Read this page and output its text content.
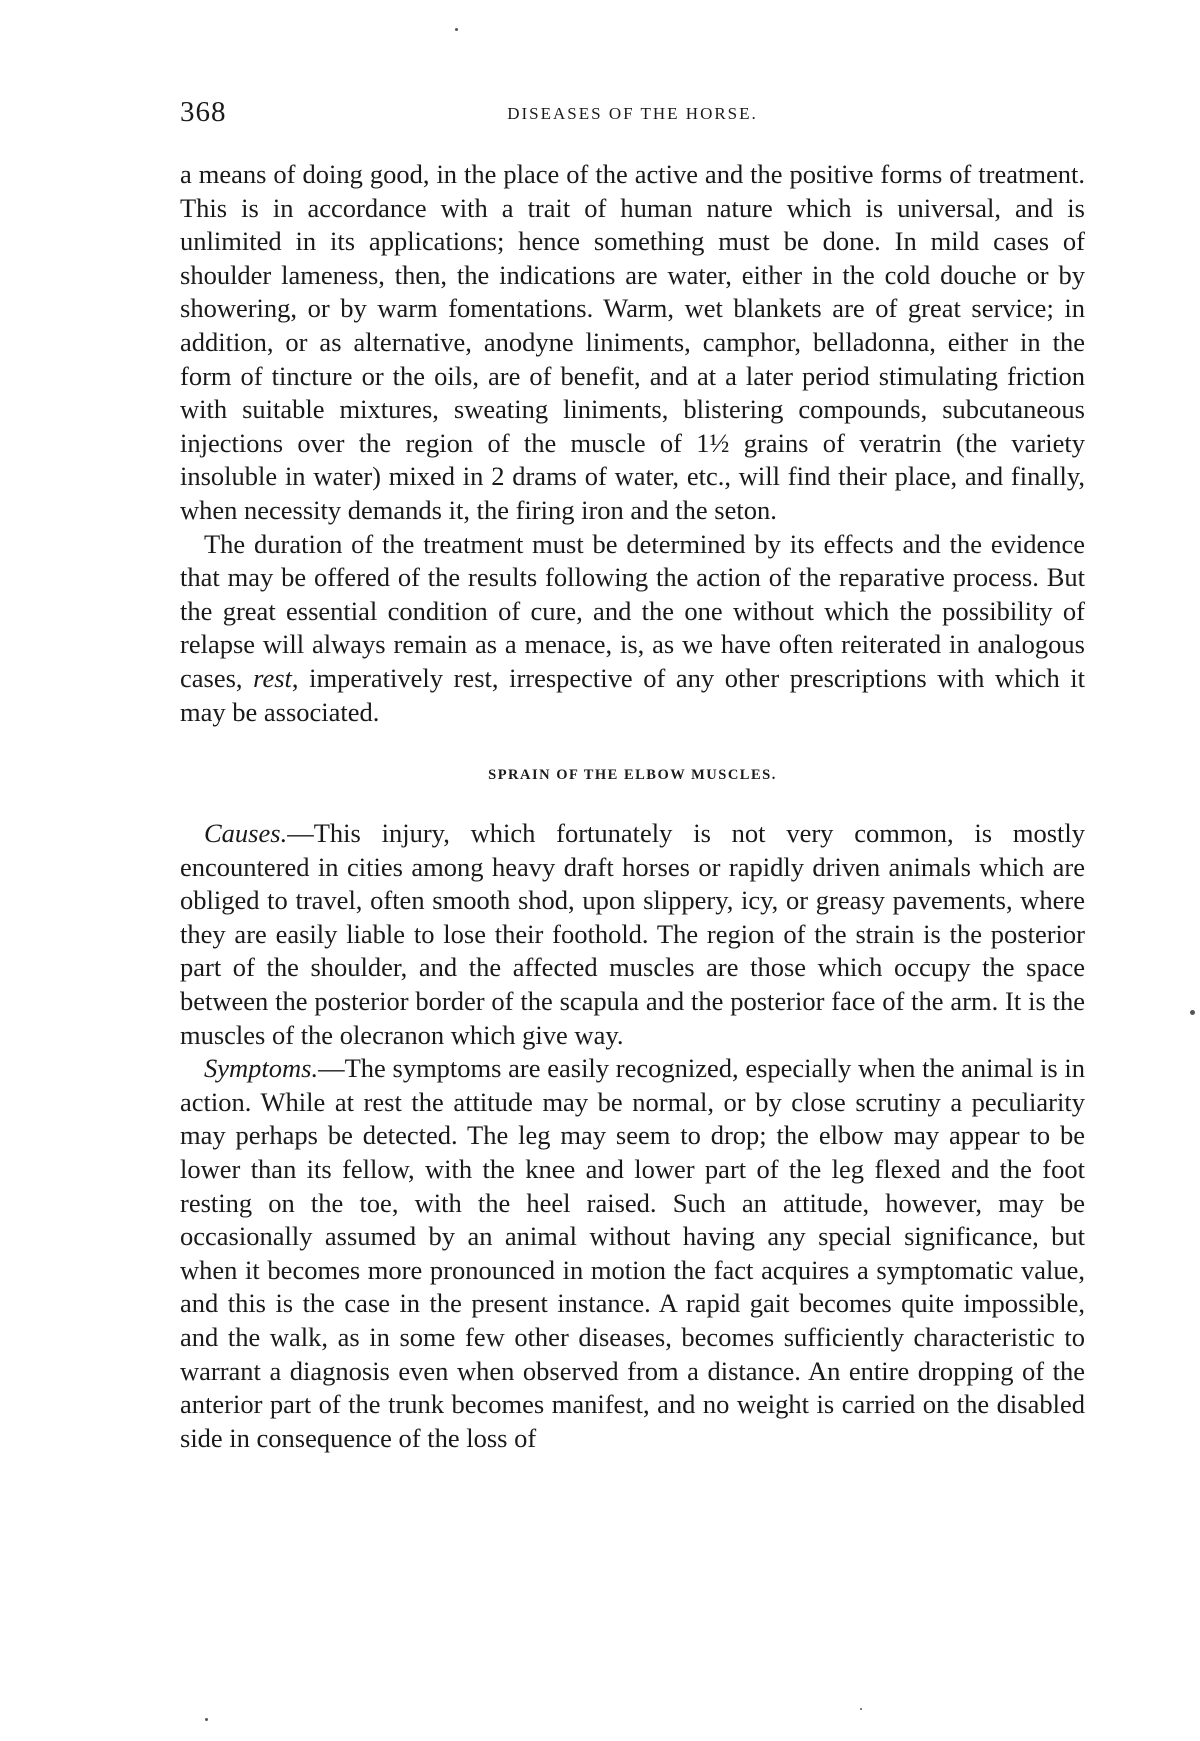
368	DISEASES OF THE HORSE.

a means of doing good, in the place of the active and the positive forms of treatment. This is in accordance with a trait of human nature which is universal, and is unlimited in its applications; hence something must be done. In mild cases of shoulder lameness, then, the indications are water, either in the cold douche or by showering, or by warm fomentations. Warm, wet blankets are of great service; in addition, or as alternative, anodyne liniments, camphor, belladonna, either in the form of tincture or the oils, are of benefit, and at a later period stimulating friction with suitable mixtures, sweating liniments, blistering compounds, subcutaneous injections over the region of the muscle of 1½ grains of veratrin (the variety insoluble in water) mixed in 2 drams of water, etc., will find their place, and finally, when necessity demands it, the firing iron and the seton.

The duration of the treatment must be determined by its effects and the evidence that may be offered of the results following the action of the reparative process. But the great essential condition of cure, and the one without which the possibility of relapse will always remain as a menace, is, as we have often reiterated in analogous cases, rest, imperatively rest, irrespective of any other prescriptions with which it may be associated.

SPRAIN OF THE ELBOW MUSCLES.

Causes.—This injury, which fortunately is not very common, is mostly encountered in cities among heavy draft horses or rapidly driven animals which are obliged to travel, often smooth shod, upon slippery, icy, or greasy pavements, where they are easily liable to lose their foothold. The region of the strain is the posterior part of the shoulder, and the affected muscles are those which occupy the space between the posterior border of the scapula and the posterior face of the arm. It is the muscles of the olecranon which give way.

Symptoms.—The symptoms are easily recognized, especially when the animal is in action. While at rest the attitude may be normal, or by close scrutiny a peculiarity may perhaps be detected. The leg may seem to drop; the elbow may appear to be lower than its fellow, with the knee and lower part of the leg flexed and the foot resting on the toe, with the heel raised. Such an attitude, however, may be occasionally assumed by an animal without having any special significance, but when it becomes more pronounced in motion the fact acquires a symptomatic value, and this is the case in the present instance. A rapid gait becomes quite impossible, and the walk, as in some few other diseases, becomes sufficiently characteristic to warrant a diagnosis even when observed from a distance. An entire dropping of the anterior part of the trunk becomes manifest, and no weight is carried on the disabled side in consequence of the loss of
